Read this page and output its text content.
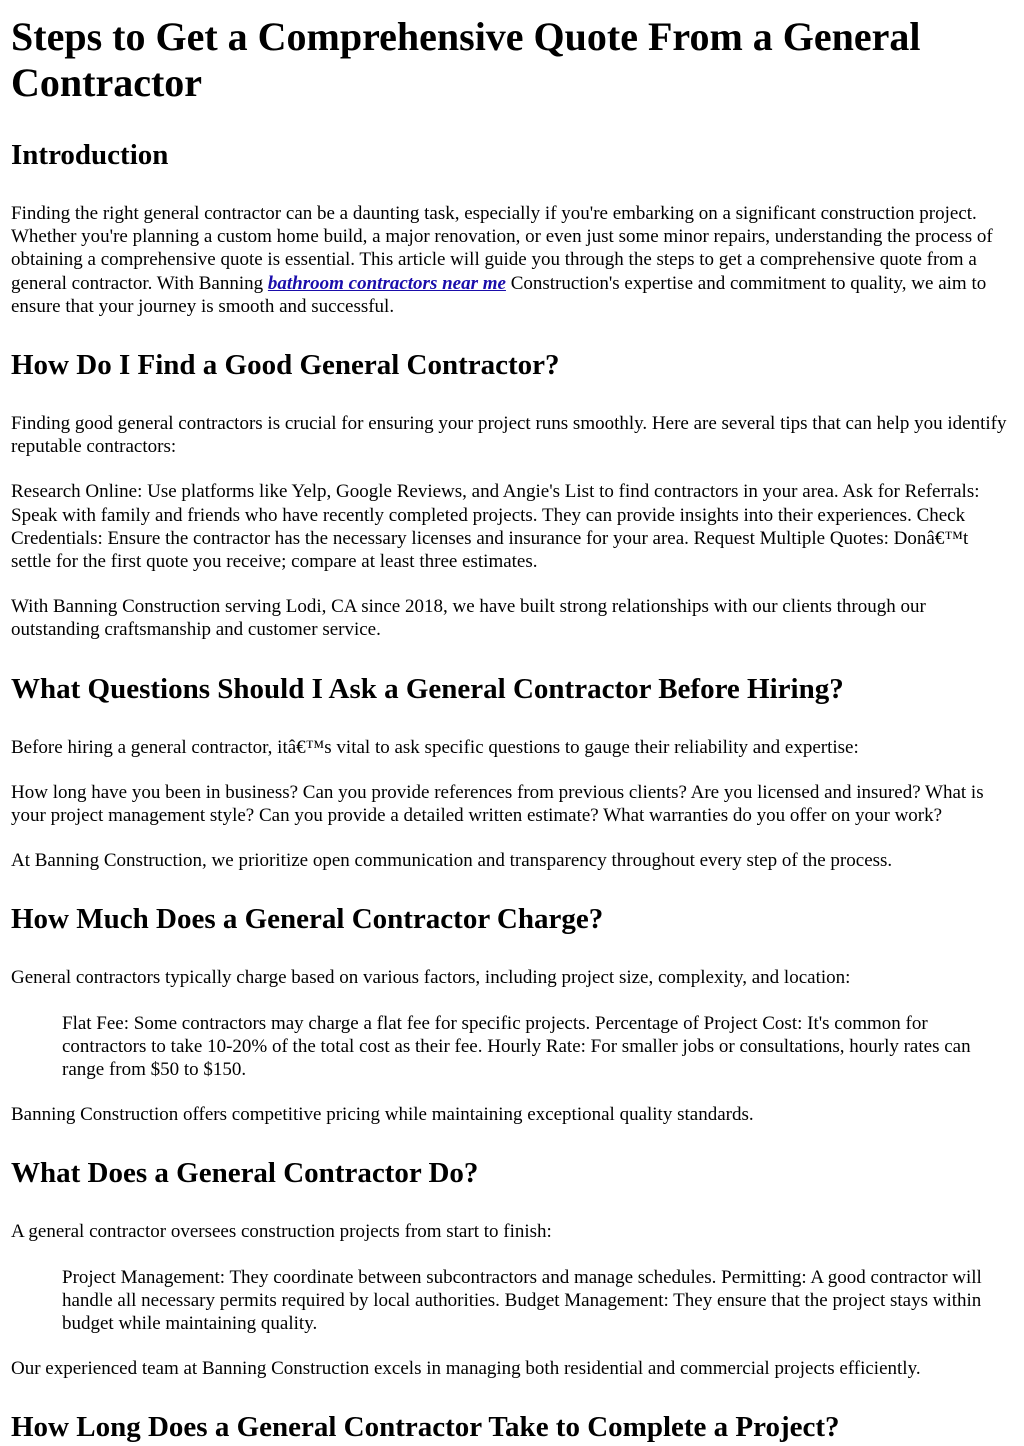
Steps to Get a Comprehensive Quote From a General Contractor
Introduction

Finding the right general contractor can be a daunting task, especially if you're embarking on a significant construction project. Whether you're planning a custom home build, a major renovation, or even just some minor repairs, understanding the process of obtaining a comprehensive quote is essential. This article will guide you through the steps to get a comprehensive quote from a general contractor. With Banning bathroom contractors near me Construction's expertise and commitment to quality, we aim to ensure that your journey is smooth and successful.

How Do I Find a Good General Contractor?

Finding good general contractors is crucial for ensuring your project runs smoothly. Here are several tips that can help you identify reputable contractors:

Research Online: Use platforms like Yelp, Google Reviews, and Angie's List to find contractors in your area. Ask for Referrals: Speak with family and friends who have recently completed projects. They can provide insights into their experiences. Check Credentials: Ensure the contractor has the necessary licenses and insurance for your area. Request Multiple Quotes: Donâ€™t settle for the first quote you receive; compare at least three estimates.

With Banning Construction serving Lodi, CA since 2018, we have built strong relationships with our clients through our outstanding craftsmanship and customer service.

What Questions Should I Ask a General Contractor Before Hiring?

Before hiring a general contractor, itâ€™s vital to ask specific questions to gauge their reliability and expertise:

How long have you been in business? Can you provide references from previous clients? Are you licensed and insured? What is your project management style? Can you provide a detailed written estimate? What warranties do you offer on your work?

At Banning Construction, we prioritize open communication and transparency throughout every step of the process.

How Much Does a General Contractor Charge?

General contractors typically charge based on various factors, including project size, complexity, and location:

Flat Fee: Some contractors may charge a flat fee for specific projects. Percentage of Project Cost: It's common for contractors to take 10-20% of the total cost as their fee. Hourly Rate: For smaller jobs or consultations, hourly rates can range from $50 to $150.

Banning Construction offers competitive pricing while maintaining exceptional quality standards.

What Does a General Contractor Do?

A general contractor oversees construction projects from start to finish:

Project Management: They coordinate between subcontractors and manage schedules. Permitting: A good contractor will handle all necessary permits required by local authorities. Budget Management: They ensure that the project stays within budget while maintaining quality.

Our experienced team at Banning Construction excels in managing both residential and commercial projects efficiently.

How Long Does a General Contractor Take to Complete a Project?
